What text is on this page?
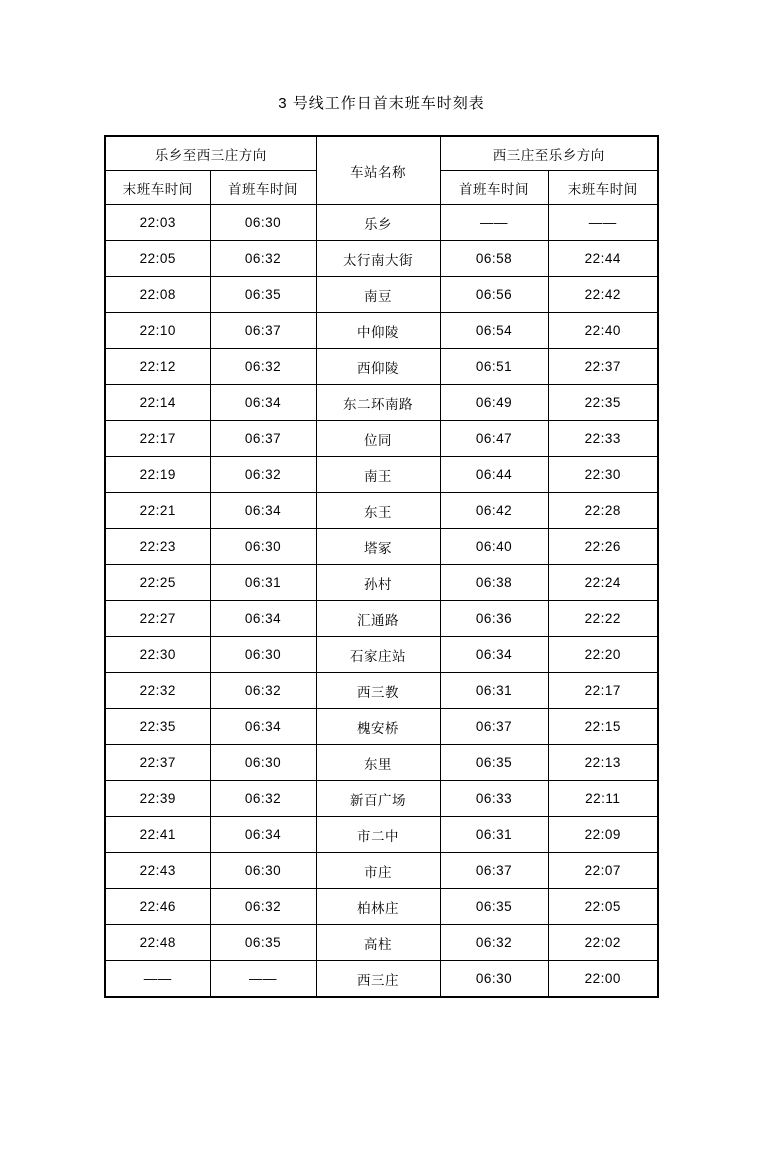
3 号线工作日首末班车时刻表
乐乡至西三庄方向		车站名称	西三庄至乐乡方向	
末班车时间	首班车时间		首班车时间	末班车时间
22:03	06:30	乐乡	——	——
22:05	06:32	太行南大街	06:58	22:44
22:08	06:35	南豆	06:56	22:42
22:10	06:37	中仰陵	06:54	22:40
22:12	06:32	西仰陵	06:51	22:37
22:14	06:34	东二环南路	06:49	22:35
22:17	06:37	位同	06:47	22:33
22:19	06:32	南王	06:44	22:30
22:21	06:34	东王	06:42	22:28
22:23	06:30	塔冢	06:40	22:26
22:25	06:31	孙村	06:38	22:24
22:27	06:34	汇通路	06:36	22:22
22:30	06:30	石家庄站	06:34	22:20
22:32	06:32	西三教	06:31	22:17
22:35	06:34	槐安桥	06:37	22:15
22:37	06:30	东里	06:35	22:13
22:39	06:32	新百广场	06:33	22:11
22:41	06:34	市二中	06:31	22:09
22:43	06:30	市庄	06:37	22:07
22:46	06:32	柏林庄	06:35	22:05
22:48	06:35	高柱	06:32	22:02
——	——	西三庄	06:30	22:00
